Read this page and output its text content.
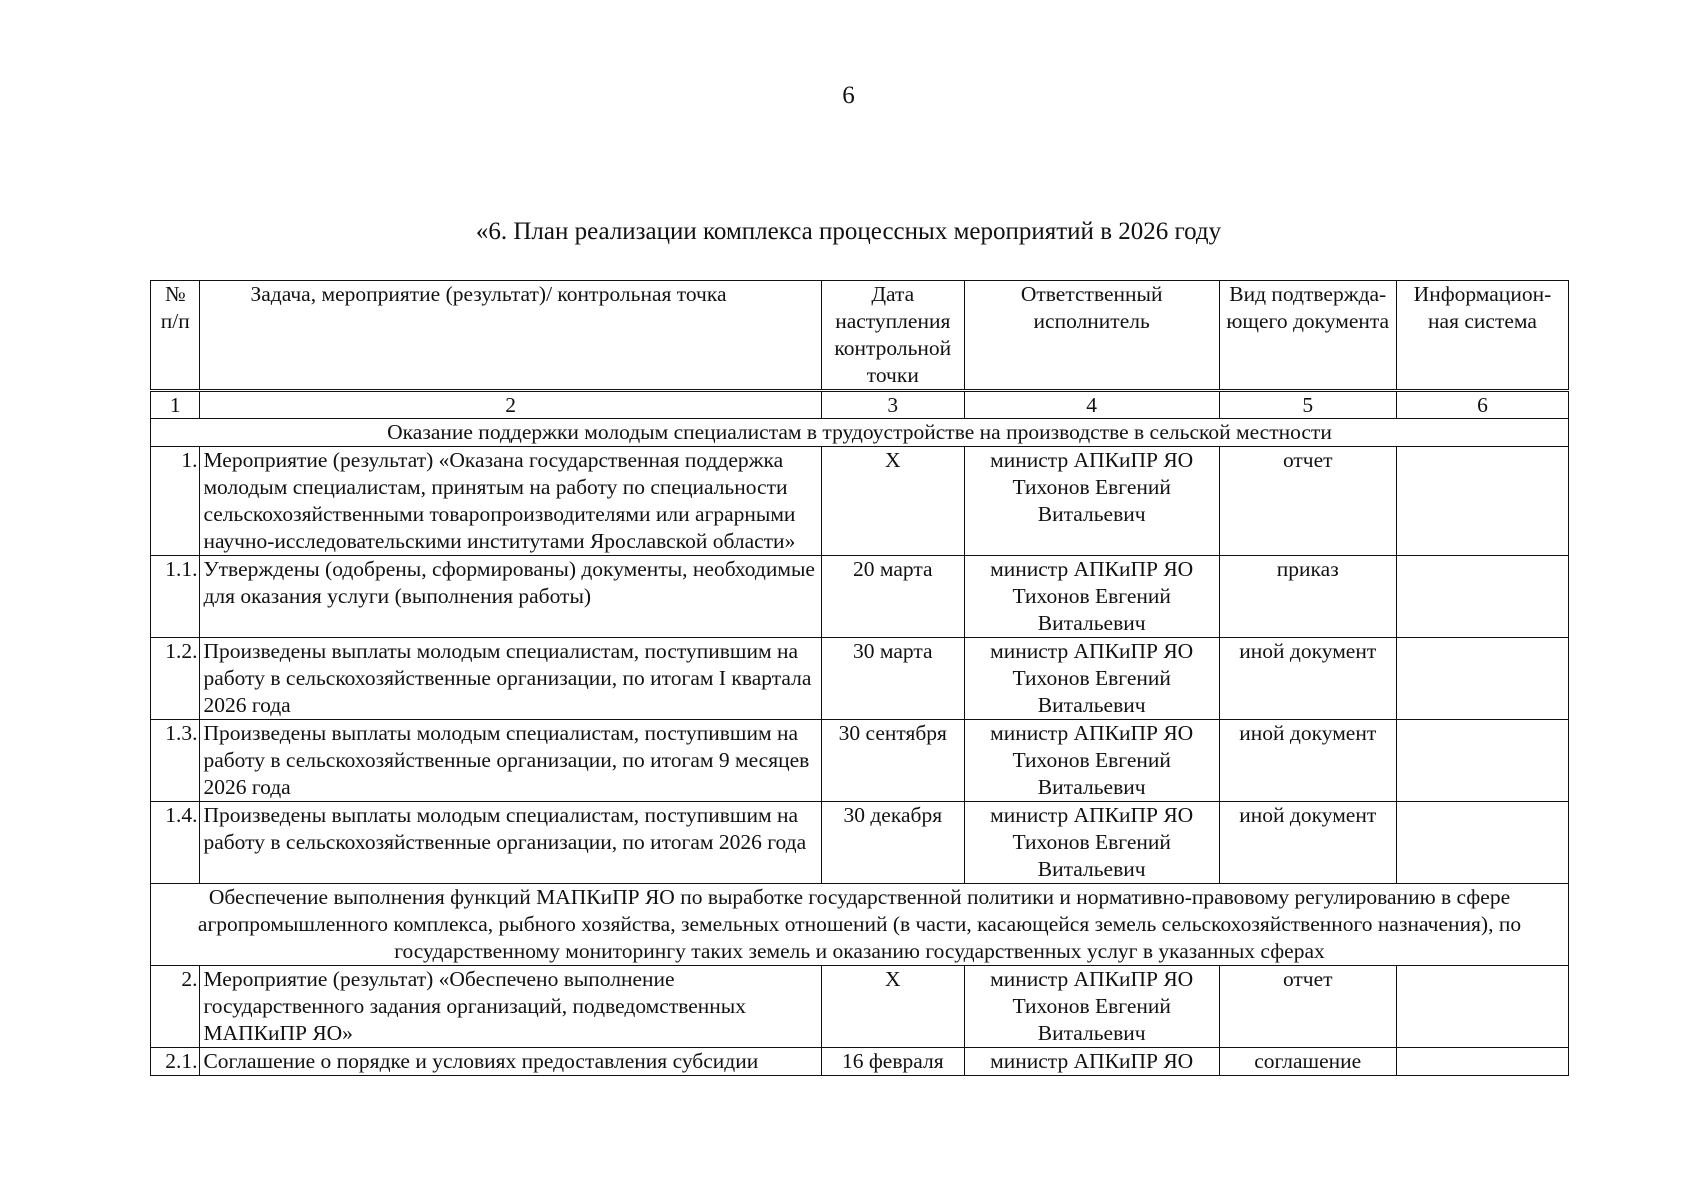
6
«6. План реализации комплекса процессных мероприятий в 2026 году
№ п/п	Задача, мероприятие (результат)/ контрольная точка	Дата наступления контрольной точки	Ответственный исполнитель	Вид подтвержда-ющего документа	Информацион-ная система
1	2	3	4	5	6
Оказание поддержки молодым специалистам в трудоустройстве на производстве в сельской местности					
1.	Мероприятие (результат) «Оказана государственная поддержка молодым специалистам, принятым на работу по специальности сельскохозяйственными товаропроизводителями или аграрными научно-исследовательскими институтами Ярославской области»	Х	министр АПКиПР ЯО Тихонов Евгений Витальевич	отчет	
1.1.	Утверждены (одобрены, сформированы) документы, необходимые для оказания услуги (выполнения работы)	20 марта	министр АПКиПР ЯО Тихонов Евгений Витальевич	приказ	
1.2.	Произведены выплаты молодым специалистам, поступившим на работу в сельскохозяйственные организации, по итогам I квартала 2026 года	30 марта	министр АПКиПР ЯО Тихонов Евгений Витальевич	иной документ	
1.3.	Произведены выплаты молодым специалистам, поступившим на работу в сельскохозяйственные организации, по итогам 9 месяцев 2026 года	30 сентября	министр АПКиПР ЯО Тихонов Евгений Витальевич	иной документ	
1.4.	Произведены выплаты молодым специалистам, поступившим на работу в сельскохозяйственные организации, по итогам 2026 года	30 декабря	министр АПКиПР ЯО Тихонов Евгений Витальевич	иной документ	
Обеспечение выполнения функций МАПКиПР ЯО по выработке государственной политики и нормативно-правовому регулированию в сфере агропромышленного комплекса, рыбного хозяйства, земельных отношений (в части, касающейся земель сельскохозяйственного назначения), по государственному мониторингу таких земель и оказанию государственных услуг в указанных сферах					
2.	Мероприятие (результат) «Обеспечено выполнение государственного задания организаций, подведомственных МАПКиПР ЯО»	Х	министр АПКиПР ЯО Тихонов Евгений Витальевич	отчет	
2.1.	Соглашение о порядке и условиях предоставления субсидии	16 февраля	министр АПКиПР ЯО	соглашение	
